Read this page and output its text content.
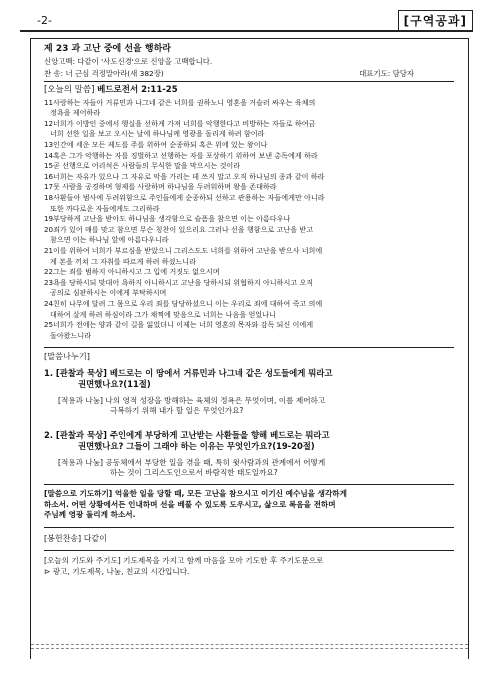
-2-	[구역공과]
제 23 과 고난 중에 선을 행하라
신앙고백: 다같이 '사도신경'으로 신앙을 고백합니다.
찬 송: 너 근심 걱정말아라(새 382장)	대표기도: 담당자
[오늘의 말씀] 베드로전서 2:11-25
11사랑하는 자들아 거류민과 나그네 같은 너희를 권하노니 영혼을 거슬러 싸우는 육체의
정욕을 제어하라
12너희가 이방인 중에서 행실을 선하게 가져 너희를 악행한다고 비방하는 자들로 하여금
너희 선한 일을 보고 오시는 날에 하나님께 영광을 돌리게 하려 함이라
13인간에 세운 모든 제도를 주를 위하여 순종하되 혹은 위에 있는 왕이나
14혹은 그가 악행하는 자를 징벌하고 선행하는 자를 포상하기 위하여 보낸 총독에게 하라
15곧 선행으로 어리석은 사람들의 무식한 말을 막으시는 것이라
16너희는 자유가 있으나 그 자유로 악을 가리는 데 쓰지 말고 오직 하나님의 종과 같이 하라
17뭇 사람을 공경하며 형제를 사랑하며 하나님을 두려워하며 왕을 존대하라
18사환들아 범사에 두려워함으로 주인들에게 순종하되 선하고 관용하는 자들에게만 아니라
또한 까다로운 자들에게도 그리하라
19부당하게 고난을 받아도 하나님을 생각함으로 슬픔을 참으면 이는 아름다우나
20죄가 있어 매를 맞고 참으면 무슨 칭찬이 있으리요 그러나 선을 행함으로 고난을 받고
참으면 이는 하나님 앞에 아름다우니라
21이를 위하여 너희가 부르심을 받았으니 그리스도도 너희를 위하여 고난을 받으사 너희에
게 본을 끼쳐 그 자취를 따르게 하려 하셨느니라
22그는 죄를 범하지 아니하시고 그 입에 거짓도 없으시며
23욕을 당하시되 맞대어 욕하지 아니하시고 고난을 당하시되 위협하지 아니하시고 오직
공의로 심판하시는 이에게 부탁하시며
24친히 나무에 달려 그 몸으로 우리 죄를 담당하셨으니 이는 우리로 죄에 대하여 죽고 의에
대하여 살게 하려 하심이라 그가 채찍에 맞음으로 너희는 나음을 얻었나니
25너희가 전에는 양과 같이 길을 잃었더니 이제는 너희 영혼의 목자와 감독 되신 이에게
돌아왔느니라
[말씀나누기]
1. [관찰과 묵상] 베드로는 이 땅에서 거류민과 나그네 같은 성도들에게 뭐라고
권면했나요?(11절)
[적용과 나눔] 나의 영적 성장을 방해하는 육체의 정욕은 무엇이며, 이를 제어하고
극복하기 위해 내가 할 일은 무엇인가요?
2. [관찰과 묵상] 주인에게 부당하게 고난받는 사환들을 향해 베드로는 뭐라고
권면했나요? 그들이 그래야 하는 이유는 무엇인가요?(19-20절)
[적용과 나눔] 공동체에서 부당한 일을 겪을 때, 특히 윗사람과의 관계에서 어떻게
하는 것이 그리스도인으로서 바람직한 태도일까요?
[말씀으로 기도하기] 억울한 일을 당할 때, 모든 고난을 참으시고 이기신 예수님을 생각하게
하소서. 어떤 상황에서든 인내하며 선을 베풀 수 있도록 도우시고, 삶으로 복음을 전하며
주님께 영광 돌리게 하소서.
[봉헌찬송] 다같이
[오늘의 기도와 주기도] 기도제목을 가지고 함께 마음을 모아 기도한 후 주기도문으로
⊳ 광고, 기도제목, 나눔, 친교의 시간입니다.
